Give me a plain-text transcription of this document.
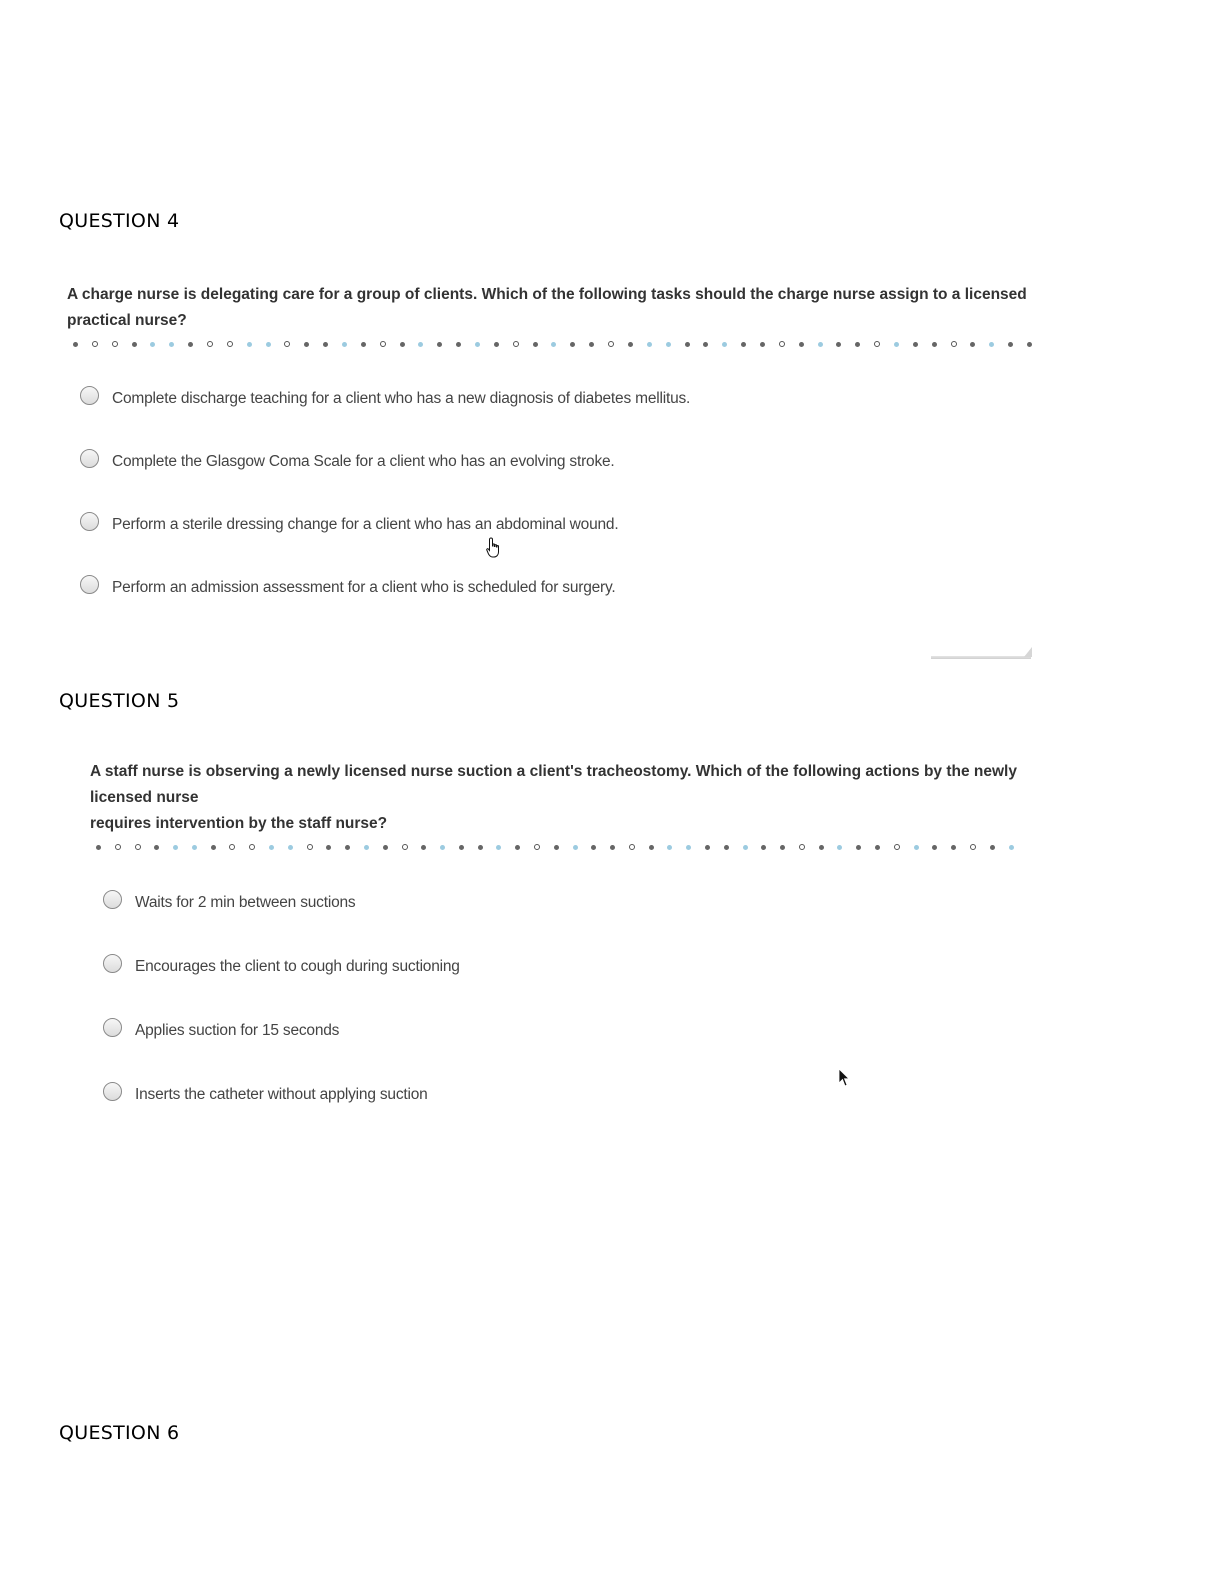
QUESTION 4

A charge nurse is delegating care for a group of clients. Which of the following tasks should the charge nurse assign to a licensed practical nurse?

Complete discharge teaching for a client who has a new diagnosis of diabetes mellitus.
Complete the Glasgow Coma Scale for a client who has an evolving stroke.
Perform a sterile dressing change for a client who has an abdominal wound.
Perform an admission assessment for a client who is scheduled for surgery.
QUESTION 5

A staff nurse is observing a newly licensed nurse suction a client's tracheostomy. Which of the following actions by the newly licensed nurse

requires intervention by the staff nurse?

Waits for 2 min between suctions
Encourages the client to cough during suctioning
Applies suction for 15 seconds
Inserts the catheter without applying suction
QUESTION 6
